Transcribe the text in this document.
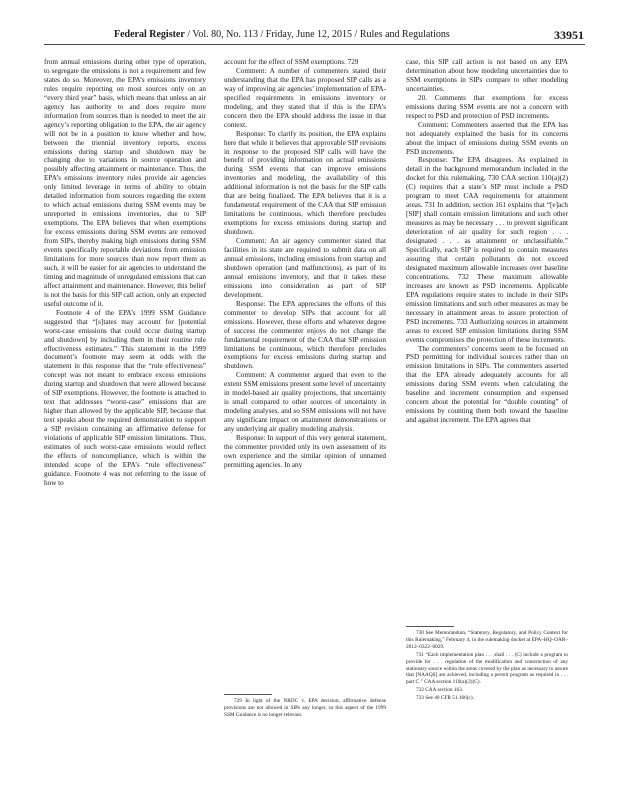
Federal Register / Vol. 80, No. 113 / Friday, June 12, 2015 / Rules and Regulations	33951

from annual emissions during other type of operation, to segregate the emissions is not a requirement and few states do so. Moreover, the EPA’s emissions inventory rules require reporting on most sources only on an “every third year” basis, which means that unless an air agency has authority to and does require more information from sources than is needed to meet the air agency’s reporting obligation to the EPA, the air agency will not be in a position to know whether and how, between the triennial inventory reports, excess emissions during startup and shutdown may be changing due to variations in source operation and possibly affecting attainment or maintenance. Thus, the EPA’s emissions inventory rules provide air agencies only limited leverage in terms of ability to obtain detailed information from sources regarding the extent to which actual emissions during SSM events may be unreported in emissions inventories, due to SIP exemptions. The EPA believes that when exemptions for excess emissions during SSM events are removed from SIPs, thereby making high emissions during SSM events specifically reportable deviations from emission limitations for more sources than now report them as such, it will be easier for air agencies to understand the timing and magnitude of unregulated emissions that can affect attainment and maintenance. However, this belief is not the basis for this SIP call action, only an expected useful outcome of it.

Footnote 4 of the EPA’s 1999 SSM Guidance suggested that “[s]tates may account for [potential worst-case emissions that could occur during startup and shutdown] by including them in their routine rule effectiveness estimates.” This statement in the 1999 document’s footnote may seem at odds with the statement in this response that the “rule effectiveness” concept was not meant to embrace excess emissions during startup and shutdown that were allowed because of SIP exemptions. However, the footnote is attached to text that addresses “worst-case” emissions that are higher than allowed by the applicable SIP, because that text speaks about the required demonstration to support a SIP revision containing an affirmative defense for violations of applicable SIP emission limitations. Thus, estimates of such worst-case emissions would reflect the effects of noncompliance, which is within the intended scope of the EPA’s “rule effectiveness” guidance. Footnote 4 was not referring to the issue of how to

account for the effect of SSM exemptions. 729

Comment: A number of commenters stated their understanding that the EPA has proposed SIP calls as a way of improving air agencies’ implementation of EPA-specified requirements in emissions inventory or modeling, and they stated that if this is the EPA’s concern then the EPA should address the issue in that context.

Response: To clarify its position, the EPA explains here that while it believes that approvable SIP revisions in response to the proposed SIP calls will have the benefit of providing information on actual emissions during SSM events that can improve emissions inventories and modeling, the availability of this additional information is not the basis for the SIP calls that are being finalized. The EPA believes that it is a fundamental requirement of the CAA that SIP emission limitations be continuous, which therefore precludes exemptions for excess emissions during startup and shutdown.

Comment: An air agency commenter stated that facilities in its state are required to submit data on all annual emissions, including emissions from startup and shutdown operation (and malfunctions), as part of its annual emissions inventory, and that it takes these emissions into consideration as part of SIP development.

Response: The EPA appreciates the efforts of this commenter to develop SIPs that account for all emissions. However, these efforts and whatever degree of success the commenter enjoys do not change the fundamental requirement of the CAA that SIP emission limitations be continuous, which therefore precludes exemptions for excess emissions during startup and shutdown.

Comment: A commenter argued that even to the extent SSM emissions present some level of uncertainty in model-based air quality projections, that uncertainty is small compared to other sources of uncertainty in modeling analyses, and so SSM emissions will not have any significant impact on attainment demonstrations or any underlying air quality modeling analysis.

Response: In support of this very general statement, the commenter provided only its own assessment of its own experience and the similar opinion of unnamed permitting agencies. In any

case, this SIP call action is not based on any EPA determination about how modeling uncertainties due to SSM exemptions in SIPs compare to other modeling uncertainties.

20. Comments that exemptions for excess emissions during SSM events are not a concern with respect to PSD and protection of PSD increments.

Comment: Commenters asserted that the EPA has not adequately explained the basis for its concerns about the impact of emissions during SSM events on PSD increments.

Response: The EPA disagrees. As explained in detail in the background memorandum included in the docket for this rulemaking, 730 CAA section 110(a)(2)(C) requires that a state’s SIP must include a PSD program to meet CAA requirements for attainment areas. 731 In addition, section 161 explains that “[e]ach [SIP] shall contain emission limitations and such other measures as may be necessary . . . to prevent significant deterioration of air quality for such region . . . designated . . . as attainment or unclassifiable.” Specifically, each SIP is required to contain measures assuring that certain pollutants do not exceed designated maximum allowable increases over baseline concentrations. 732 These maximum allowable increases are known as PSD increments. Applicable EPA regulations require states to include in their SIPs emission limitations and such other measures as may be necessary in attainment areas to assure protection of PSD increments. 733 Authorizing sources in attainment areas to exceed SIP emission limitations during SSM events compromises the protection of these increments.

The commenters’ concerns seem to be focused on PSD permitting for individual sources rather than on emission limitations in SIPs. The commenters asserted that the EPA already adequately accounts for all emissions during SSM events when calculating the baseline and increment consumption and expensed concern about the potential for “double counting” of emissions by counting them both toward the baseline and against increment. The EPA agrees that

729 In light of the NRDC v. EPA decision, affirmative defense provisions are not allowed in SIPs any longer, so this aspect of the 1999 SSM Guidance is no longer relevant.

730 See Memorandum, “Statutory, Regulatory, and Policy Context for this Rulemaking,” February 4, in the rulemaking docket at EPA–HQ–OAR–2012–0322–0029.

731 “Each implementation plan . . . shall . . . (C) include a program to provide for . . . regulation of the modification and construction of any stationary source within the areas covered by the plan as necessary to assure that [NAAQS] are achieved, including a permit program as required in . . . part C.” CAA section 110(a)(2)(C).

732 CAA section 163.

733 See 40 CFR 51.166(c).
